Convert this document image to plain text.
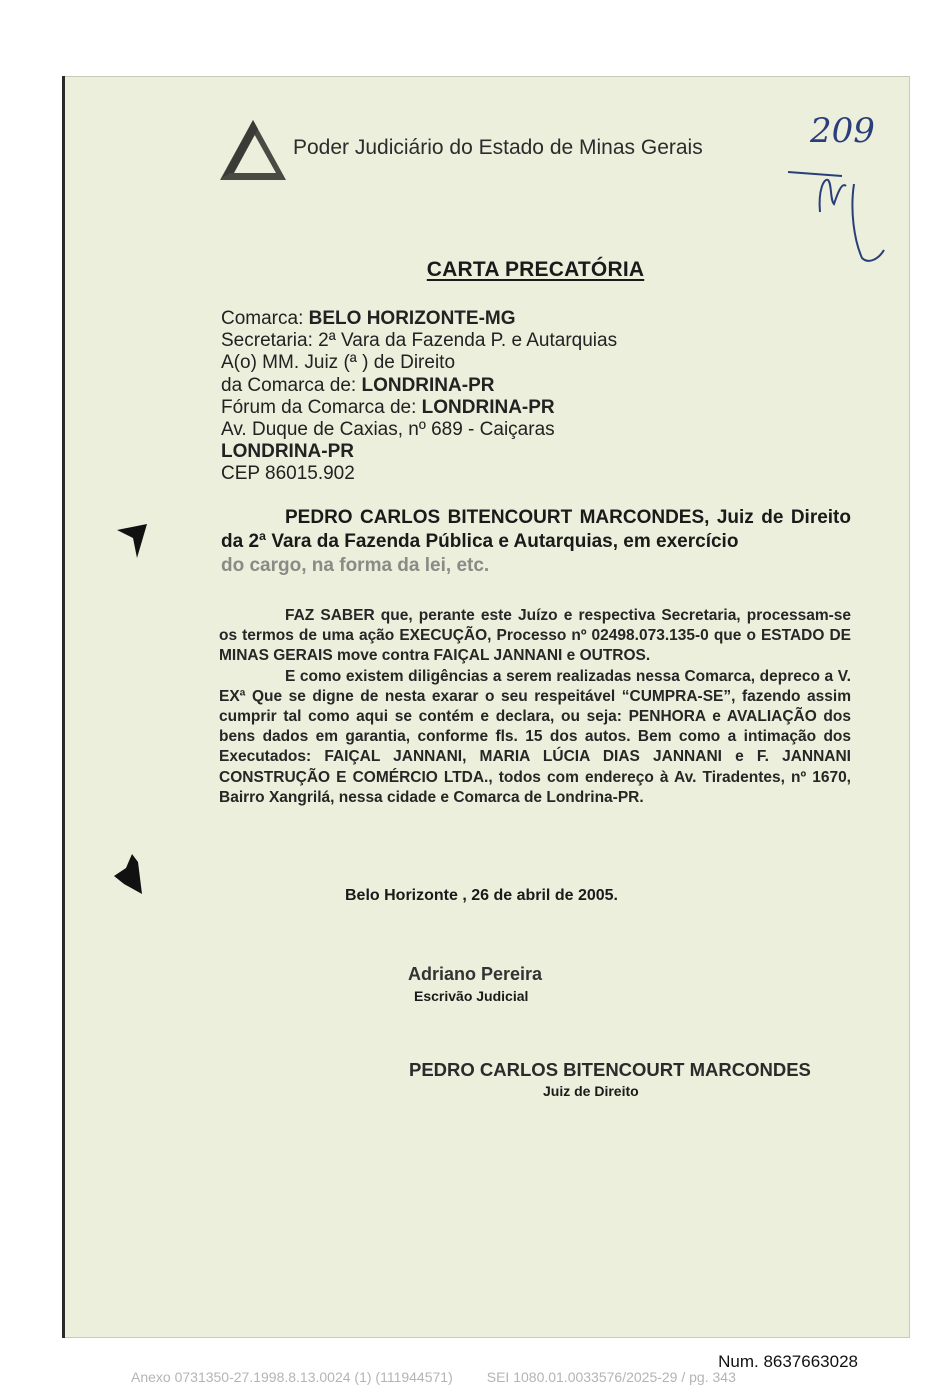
Poder Judiciário do Estado de Minas Gerais	209
CARTA PRECATÓRIA
Comarca: BELO HORIZONTE-MG
Secretaria: 2ª Vara da Fazenda P. e Autarquias
A(o) MM. Juiz (ª ) de Direito
da Comarca de: LONDRINA-PR
Fórum da Comarca de: LONDRINA-PR
Av. Duque de Caxias, nº 689 - Caiçaras
LONDRINA-PR
CEP 86015.902

PEDRO CARLOS BITENCOURT MARCONDES, Juiz de Direito da 2ª Vara da Fazenda Pública e Autarquias, em exercício
do cargo, na forma da lei, etc.

FAZ SABER que, perante este Juízo e respectiva Secretaria, processam-se os termos de uma ação EXECUÇÃO, Processo nº 02498.073.135-0 que o ESTADO DE MINAS GERAIS move contra FAIÇAL JANNANI e OUTROS.

E como existem diligências a serem realizadas nessa Comarca, depreco a V. EXª Que se digne de nesta exarar o seu respeitável “CUMPRA-SE”, fazendo assim cumprir tal como aqui se contém e declara, ou seja: PENHORA e AVALIAÇÃO dos bens dados em garantia, conforme fls. 15 dos autos. Bem como a intimação dos Executados: FAIÇAL JANNANI, MARIA LÚCIA DIAS JANNANI e F. JANNANI CONSTRUÇÃO E COMÉRCIO LTDA., todos com endereço à Av. Tiradentes, nº 1670, Bairro Xangrilá, nessa cidade e Comarca de Londrina-PR.

Belo Horizonte , 26 de abril de 2005.
Adriano Pereira
Escrivão Judicial
PEDRO CARLOS BITENCOURT MARCONDES
Juiz de Direito
Num. 8637663028
Anexo 0731350-27.1998.8.13.0024 (1) (111944571) SEI 1080.01.0033576/2025-29 / pg. 343
